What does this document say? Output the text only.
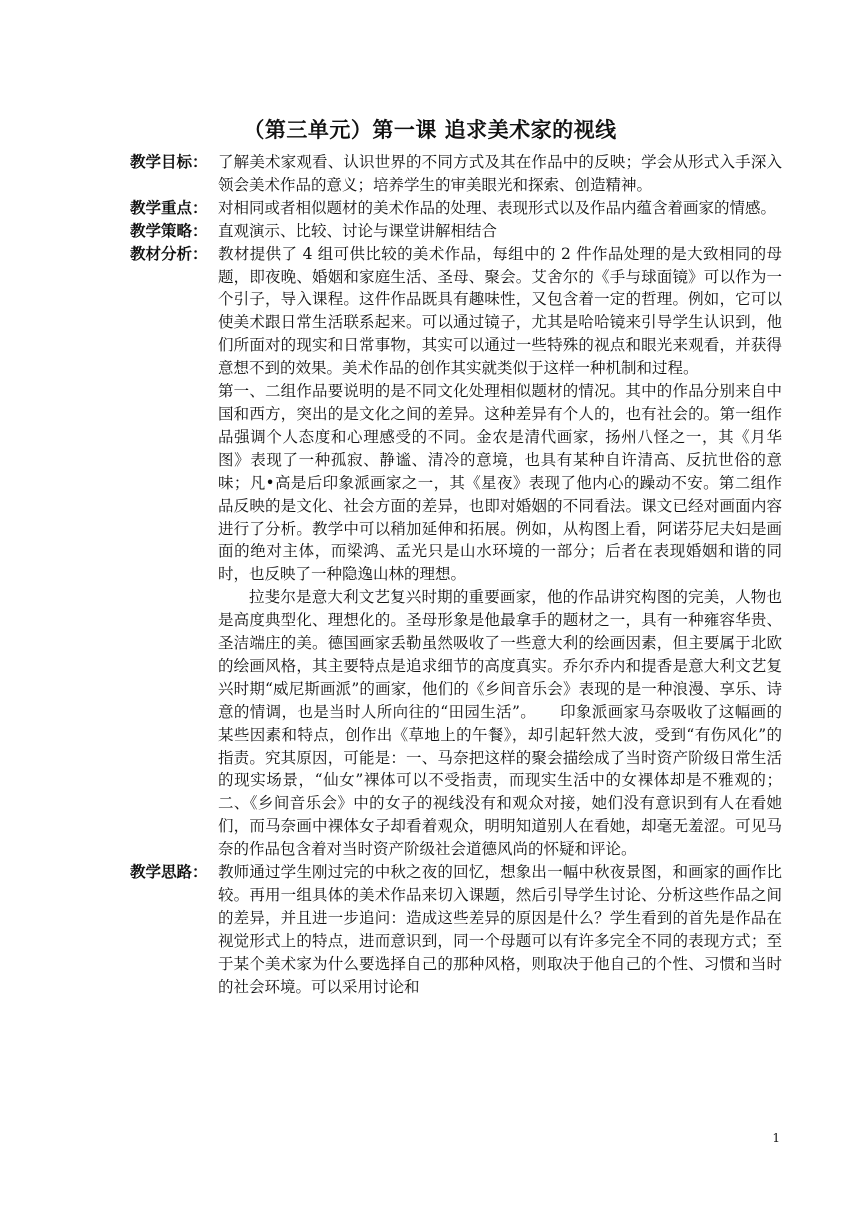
（第三单元）第一课 追求美术家的视线
教学目标： 了解美术家观看、认识世界的不同方式及其在作品中的反映；学会从形式入手深入领会美术作品的意义；培养学生的审美眼光和探索、创造精神。

教学重点： 对相同或者相似题材的美术作品的处理、表现形式以及作品内蕴含着画家的情感。

教学策略： 直观演示、比较、讨论与课堂讲解相结合

教材分析： 教材提供了 4 组可供比较的美术作品，每组中的 2 件作品处理的是大致相同的母题，即夜晚、婚姻和家庭生活、圣母、聚会。艾舍尔的《手与球面镜》可以作为一个引子，导入课程。这件作品既具有趣味性，又包含着一定的哲理。例如，它可以使美术跟日常生活联系起来。可以通过镜子，尤其是哈哈镜来引导学生认识到，他们所面对的现实和日常事物，其实可以通过一些特殊的视点和眼光来观看，并获得意想不到的效果。美术作品的创作其实就类似于这样一种机制和过程。

第一、二组作品要说明的是不同文化处理相似题材的情况。其中的作品分别来自中国和西方，突出的是文化之间的差异。这种差异有个人的，也有社会的。第一组作品强调个人态度和心理感受的不同。金农是清代画家，扬州八怪之一，其《月华图》表现了一种孤寂、静谧、清冷的意境，也具有某种自许清高、反抗世俗的意味；凡•高是后印象派画家之一，其《星夜》表现了他内心的躁动不安。第二组作品反映的是文化、社会方面的差异，也即对婚姻的不同看法。课文已经对画面内容进行了分析。教学中可以稍加延伸和拓展。例如，从构图上看，阿诺芬尼夫妇是画面的绝对主体，而梁鸿、孟光只是山水环境的一部分；后者在表现婚姻和谐的同时，也反映了一种隐逸山林的理想。

拉斐尔是意大利文艺复兴时期的重要画家，他的作品讲究构图的完美，人物也是高度典型化、理想化的。圣母形象是他最拿手的题材之一，具有一种雍容华贵、圣洁端庄的美。德国画家丢勒虽然吸收了一些意大利的绘画因素，但主要属于北欧的绘画风格，其主要特点是追求细节的高度真实。乔尔乔内和提香是意大利文艺复兴时期“威尼斯画派”的画家，他们的《乡间音乐会》表现的是一种浪漫、享乐、诗意的情调，也是当时人所向往的“田园生活”。　　印象派画家马奈吸收了这幅画的某些因素和特点，创作出《草地上的午餐》，却引起轩然大波，受到“有伤风化”的指责。究其原因，可能是：一、马奈把这样的聚会描绘成了当时资产阶级日常生活的现实场景，“仙女”裸体可以不受指责，而现实生活中的女裸体却是不雅观的；二、《乡间音乐会》中的女子的视线没有和观众对接，她们没有意识到有人在看她们，而马奈画中裸体女子却看着观众，明明知道别人在看她，却毫无羞涩。可见马奈的作品包含着对当时资产阶级社会道德风尚的怀疑和评论。

教学思路： 教师通过学生刚过完的中秋之夜的回忆，想象出一幅中秋夜景图，和画家的画作比较。再用一组具体的美术作品来切入课题，然后引导学生讨论、分析这些作品之间的差异，并且进一步追问：造成这些差异的原因是什么？学生看到的首先是作品在视觉形式上的特点，进而意识到，同一个母题可以有许多完全不同的表现方式；至于某个美术家为什么要选择自己的那种风格，则取决于他自己的个性、习惯和当时的社会环境。可以采用讨论和

1
